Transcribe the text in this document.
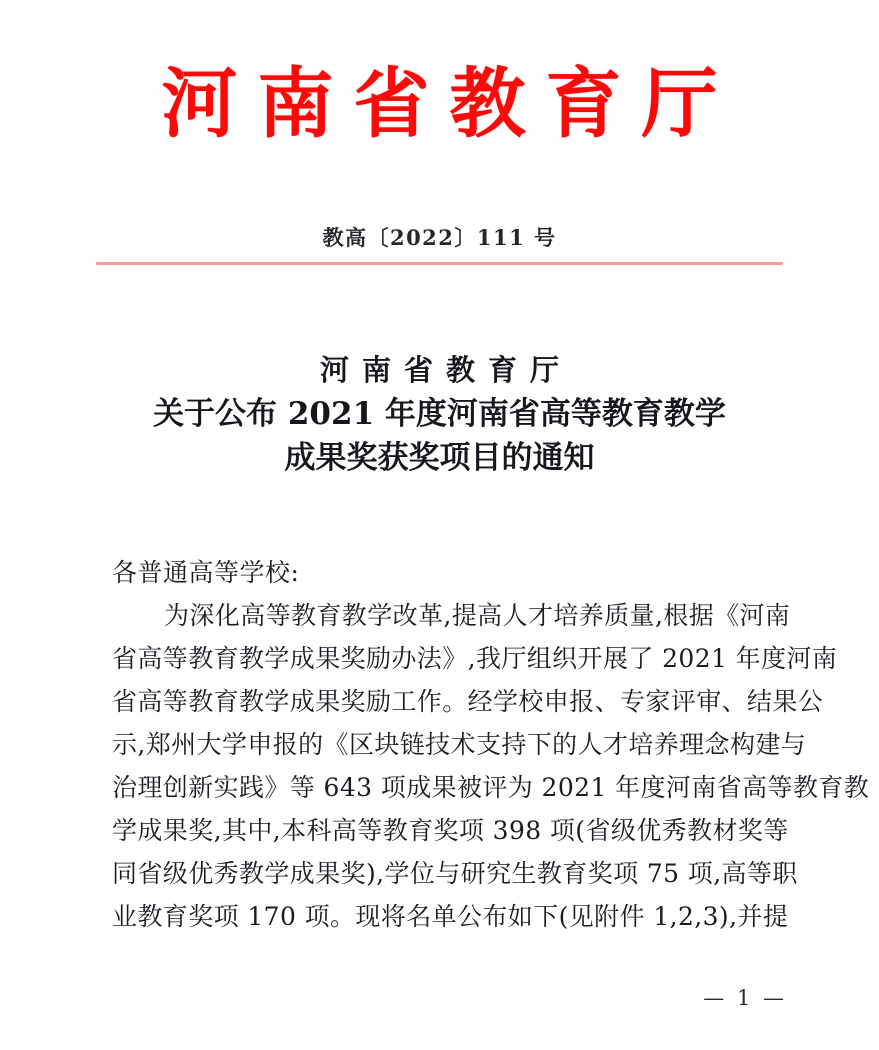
河南省教育厅
教高〔2022〕111 号
河南省教育厅
关于公布 2021 年度河南省高等教育教学
成果奖获奖项目的通知
各普通高等学校:
为深化高等教育教学改革,提高人才培养质量,根据《河南
省高等教育教学成果奖励办法》,我厅组织开展了 2021 年度河南
省高等教育教学成果奖励工作。经学校申报、专家评审、结果公
示,郑州大学申报的《区块链技术支持下的人才培养理念构建与
治理创新实践》等 643 项成果被评为 2021 年度河南省高等教育教
学成果奖,其中,本科高等教育奖项 398 项(省级优秀教材奖等
同省级优秀教学成果奖),学位与研究生教育奖项 75 项,高等职
业教育奖项 170 项。现将名单公布如下(见附件 1,2,3),并提
— 1 —
